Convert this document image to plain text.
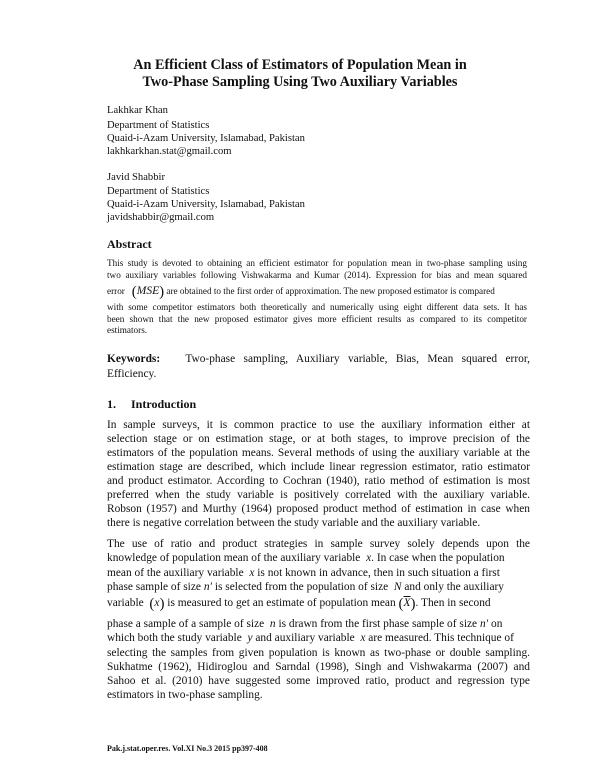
An Efficient Class of Estimators of Population Mean in
Two-Phase Sampling Using Two Auxiliary Variables
Lakhkar Khan
Department of Statistics
Quaid-i-Azam University, Islamabad, Pakistan
lakhkarkhan.stat@gmail.com
Javid Shabbir
Department of Statistics
Quaid-i-Azam University, Islamabad, Pakistan
javidshabbir@gmail.com
Abstract
This study is devoted to obtaining an efficient estimator for population mean in two-phase sampling using
two auxiliary variables following Vishwakarma and Kumar (2014). Expression for bias and mean squared
error (MSE) are obtained to the first order of approximation. The new proposed estimator is compared
with some competitor estimators both theoretically and numerically using eight different data sets. It has
been shown that the new proposed estimator gives more efficient results as compared to its competitor
estimators.
Keywords: Two-phase sampling, Auxiliary variable, Bias, Mean squared error,
Efficiency.
1.     Introduction
In sample surveys, it is common practice to use the auxiliary information either at
selection stage or on estimation stage, or at both stages, to improve precision of the
estimators of the population means. Several methods of using the auxiliary variable at the
estimation stage are described, which include linear regression estimator, ratio estimator
and product estimator. According to Cochran (1940), ratio method of estimation is most
preferred when the study variable is positively correlated with the auxiliary variable.
Robson (1957) and Murthy (1964) proposed product method of estimation in case when
there is negative correlation between the study variable and the auxiliary variable.
The use of ratio and product strategies in sample survey solely depends upon the
knowledge of population mean of the auxiliary variable x. In case when the population
mean of the auxiliary variable x is not known in advance, then in such situation a first
phase sample of size n′ is selected from the population of size N and only the auxiliary
variable (x) is measured to get an estimate of population mean $(\overline{X})$. Then in second
phase a sample of a sample of size n is drawn from the first phase sample of size n′ on
which both the study variable y and auxiliary variable x are measured. This technique of
selecting the samples from given population is known as two-phase or double sampling.
Sukhatme (1962), Hidiroglou and Sarndal (1998), Singh and Vishwakarma (2007) and
Sahoo et al. (2010) have suggested some improved ratio, product and regression type
estimators in two-phase sampling.
Pak.j.stat.oper.res. Vol.XI No.3 2015 pp397-408
